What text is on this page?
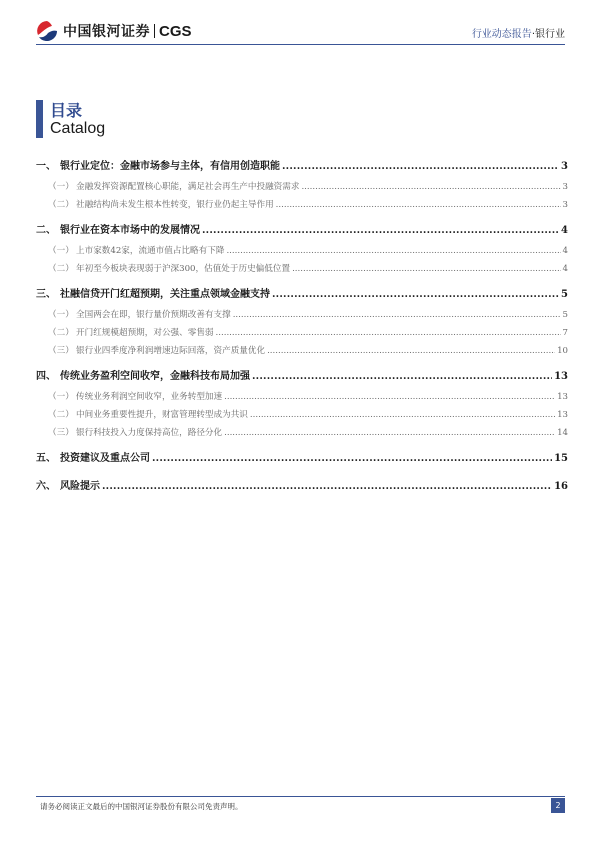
中国银河证券 CGS	行业动态报告·银行业
目录
Catalog
一、 银行业定位：金融市场参与主体，有信用创造职能 .....	3
（一） 金融发挥资源配置核心职能，满足社会再生产中投融资需求 .....	3
（二） 社融结构尚未发生根本性转变，银行业仍起主导作用 .....	3
二、 银行业在资本市场中的发展情况 .....	4
（一） 上市家数42家，流通市值占比略有下降 .....	4
（二） 年初至今板块表现弱于沪深300，估值处于历史偏低位置 .....	4
三、 社融信贷开门红超预期，关注重点领域金融支持 .....	5
（一） 全国两会在即，银行量价预期改善有支撑 .....	5
（二） 开门红规模超预期，对公强、零售弱 .....	7
（三） 银行业四季度净利润增速边际回落，资产质量优化 .....	10
四、 传统业务盈利空间收窄，金融科技布局加强 .....	13
（一） 传统业务利润空间收窄，业务转型加速 .....	13
（二） 中间业务重要性提升，财富管理转型成为共识 .....	13
（三） 银行科技投入力度保持高位，路径分化 .....	14
五、 投资建议及重点公司 .....	15
六、 风险提示 .....	16
请务必阅读正文最后的中国银河证券股份有限公司免责声明。	2
